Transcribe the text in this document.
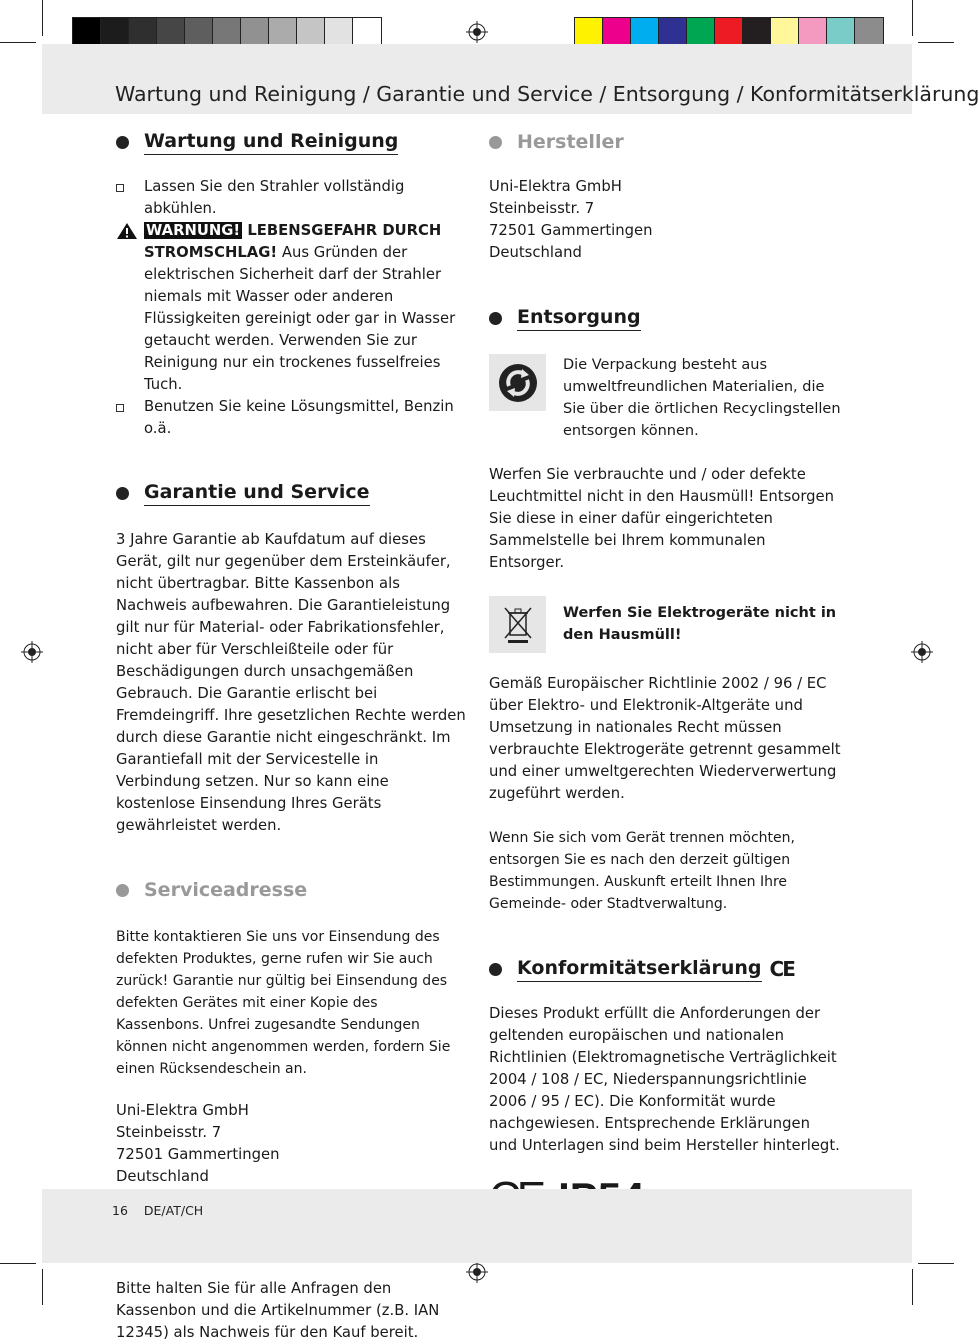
Wartung und Reinigung / Garantie und Service / Entsorgung / Konformitätserklärung
Wartung und Reinigung
Lassen Sie den Strahler vollständig abkühlen.
WARNUNG! LEBENSGEFAHR DURCH STROMSCHLAG! Aus Gründen der elektrischen Sicherheit darf der Strahler niemals mit Wasser oder anderen Flüssigkeiten gereinigt oder gar in Wasser getaucht werden. Verwenden Sie zur Reinigung nur ein trockenes fusselfreies Tuch.
Benutzen Sie keine Lösungsmittel, Benzin o.ä.
Garantie und Service
3 Jahre Garantie ab Kaufdatum auf dieses Gerät, gilt nur gegenüber dem Ersteinkäufer, nicht übertragbar. Bitte Kassenbon als Nachweis aufbewahren. Die Garantieleistung gilt nur für Material- oder Fabrikationsfehler, nicht aber für Verschleißteile oder für Beschädigungen durch unsachgemäßen Gebrauch. Die Garantie erlischt bei Fremdeingriff. Ihre gesetzlichen Rechte werden durch diese Garantie nicht eingeschränkt. Im Garantiefall mit der Servicestelle in Verbindung setzen. Nur so kann eine kostenlose Einsendung Ihres Geräts gewährleistet werden.
Serviceadresse
Bitte kontaktieren Sie uns vor Einsendung des defekten Produktes, gerne rufen wir Sie auch zurück! Garantie nur gültig bei Einsendung des defekten Gerätes mit einer Kopie des Kassenbons. Unfrei zugesandte Sendungen können nicht angenommen werden, fordern Sie einen Rücksendeschein an.
Uni-Elektra GmbH
Steinbeisstr. 7
72501 Gammertingen
Deutschland
Bitte halten Sie für alle Anfragen den Kassenbon und die Artikelnummer (z.B. IAN 12345) als Nachweis für den Kauf bereit.
Hersteller
Uni-Elektra GmbH
Steinbeisstr. 7
72501 Gammertingen
Deutschland
Entsorgung
Die Verpackung besteht aus umweltfreundlichen Materialien, die Sie über die örtlichen Recyclingstellen entsorgen können.
Werfen Sie verbrauchte und / oder defekte Leuchtmittel nicht in den Hausmüll! Entsorgen Sie diese in einer dafür eingerichteten Sammelstelle bei Ihrem kommunalen Entsorger.
Werfen Sie Elektrogeräte nicht in den Hausmüll!
Gemäß Europäischer Richtlinie 2002 / 96 / EC über Elektro- und Elektronik-Altgeräte und Umsetzung in nationales Recht müssen verbrauchte Elektrogeräte getrennt gesammelt und einer umweltgerechten Wiederverwertung zugeführt werden.
Wenn Sie sich vom Gerät trennen möchten, entsorgen Sie es nach den derzeit gültigen Bestimmungen. Auskunft erteilt Ihnen Ihre Gemeinde- oder Stadtverwaltung.
Konformitätserklärung CE
Dieses Produkt erfüllt die Anforderungen der geltenden europäischen und nationalen Richtlinien (Elektromagnetische Verträglichkeit 2004 / 108 / EC, Niederspannungsrichtlinie 2006 / 95 / EC). Die Konformität wurde nachgewiesen. Entsprechende Erklärungen und Unterlagen sind beim Hersteller hinterlegt.
16 DE/AT/CH
